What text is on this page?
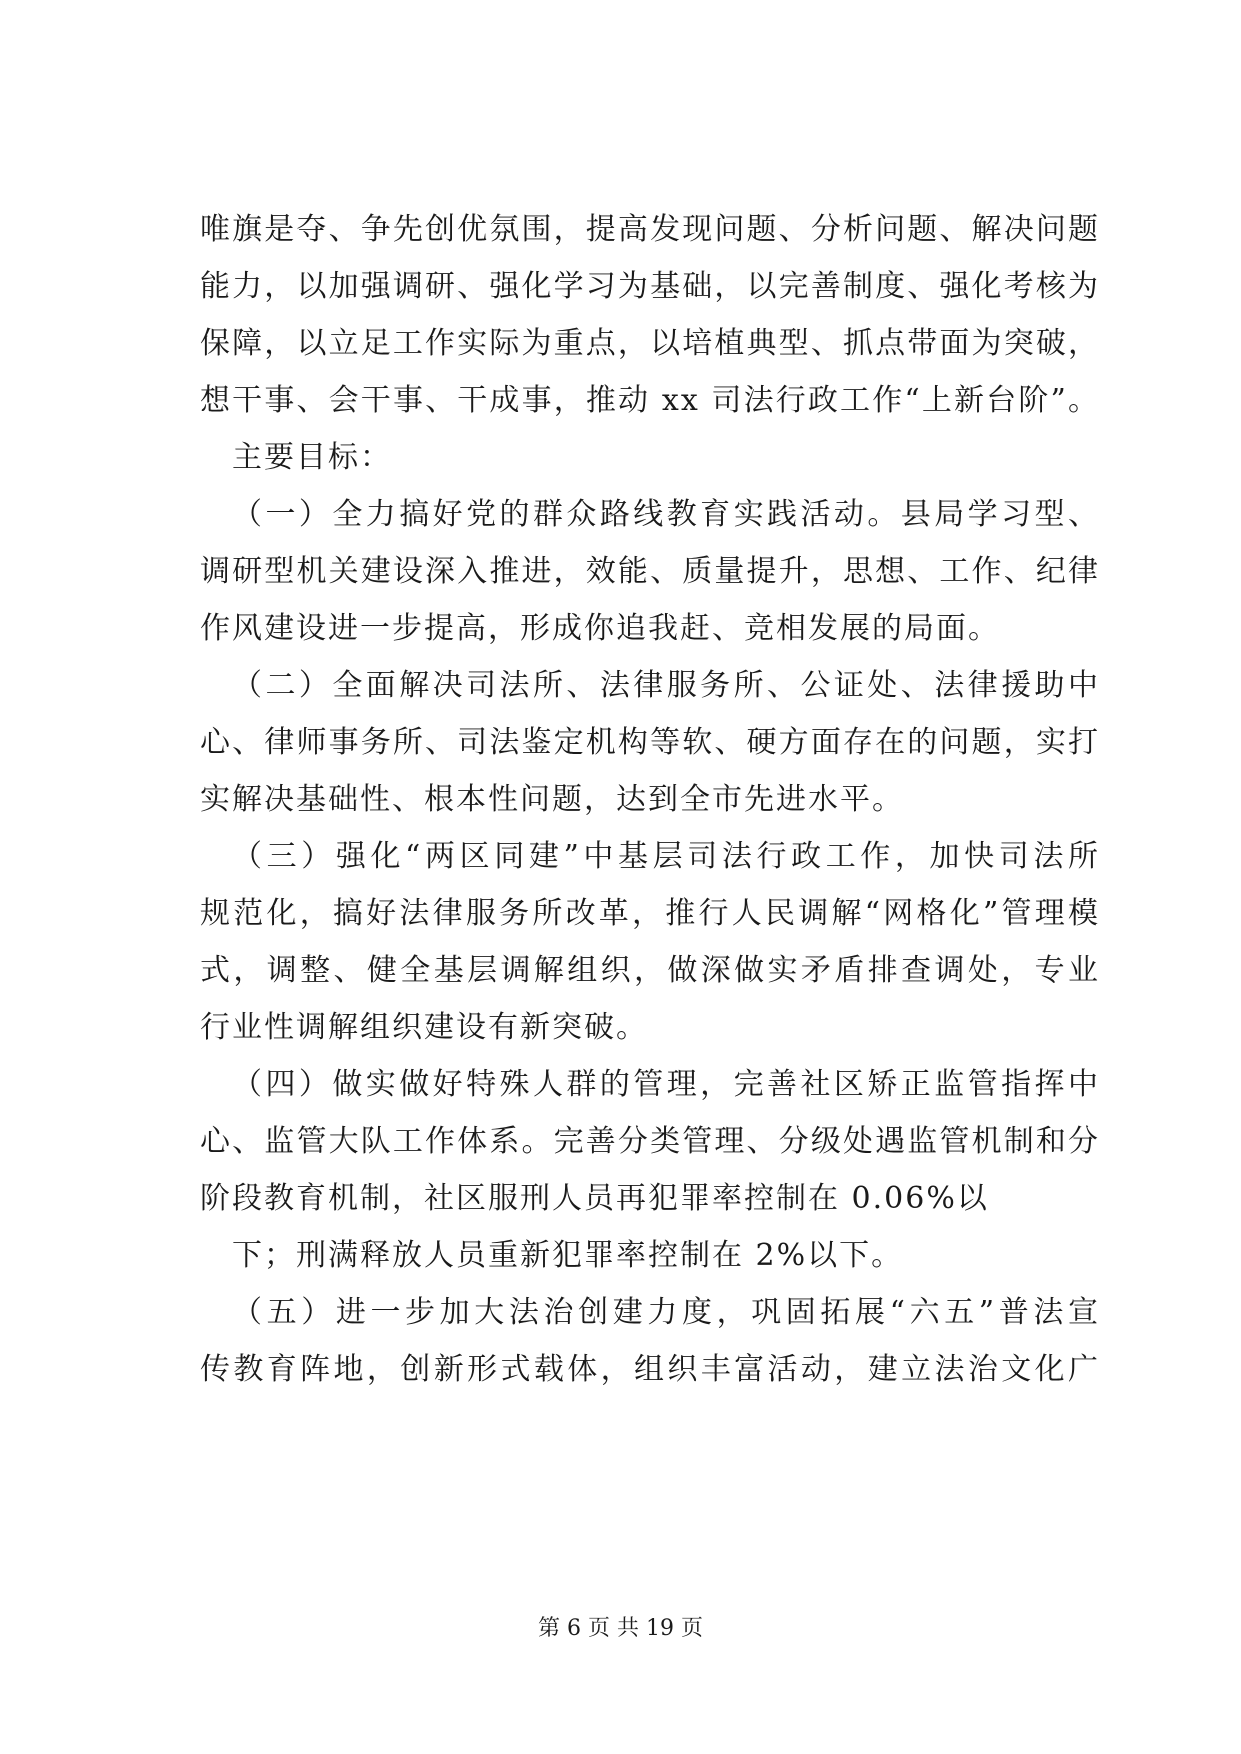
唯旗是夺、争先创优氛围，提高发现问题、分析问题、解决问题
能力，以加强调研、强化学习为基础，以完善制度、强化考核为
保障，以立足工作实际为重点，以培植典型、抓点带面为突破，
想干事、会干事、干成事，推动 xx 司法行政工作“上新台阶”。
主要目标：
（一）全力搞好党的群众路线教育实践活动。县局学习型、
调研型机关建设深入推进，效能、质量提升，思想、工作、纪律
作风建设进一步提高，形成你追我赶、竞相发展的局面。
（二）全面解决司法所、法律服务所、公证处、法律援助中
心、律师事务所、司法鉴定机构等软、硬方面存在的问题，实打
实解决基础性、根本性问题，达到全市先进水平。
（三）强化“两区同建”中基层司法行政工作，加快司法所
规范化，搞好法律服务所改革，推行人民调解“网格化”管理模
式，调整、健全基层调解组织，做深做实矛盾排查调处，专业
行业性调解组织建设有新突破。
（四）做实做好特殊人群的管理，完善社区矫正监管指挥中
心、监管大队工作体系。完善分类管理、分级处遇监管机制和分
阶段教育机制，社区服刑人员再犯罪率控制在 0.06%以
下；刑满释放人员重新犯罪率控制在 2%以下。
（五）进一步加大法治创建力度，巩固拓展“六五”普法宣
传教育阵地，创新形式载体，组织丰富活动，建立法治文化广
第 6 页 共 19 页
